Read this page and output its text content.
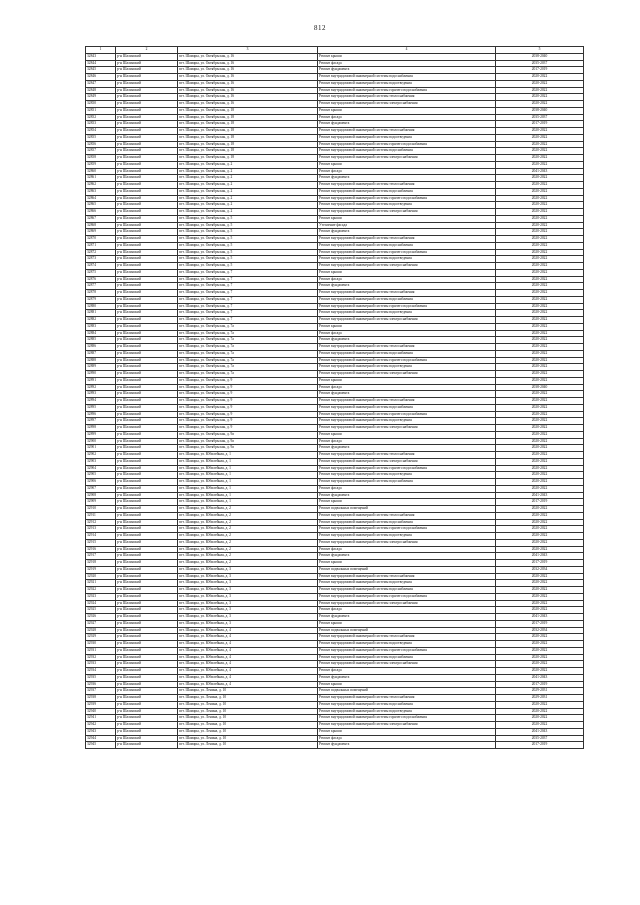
812
1	2	3	4	5
32843	р-н Шалинский	пгт. Шамары, ул. Октябрьская, д. 16	Ремонт крыши	2038-2040
32844	р-н Шалинский	пгт. Шамары, ул. Октябрьская, д. 16	Ремонт фасада	2035-2037
32845	р-н Шалинский	пгт. Шамары, ул. Октябрьская, д. 16	Ремонт фундамента	2017-2019
32846	р-н Шалинский	пгт. Шамары, ул. Октябрьская, д. 16	Ремонт внутридомовой инженерной системы водоснабжения	2020-2022
32847	р-н Шалинский	пгт. Шамары, ул. Октябрьская, д. 16	Ремонт внутридомовой инженерной системы водоотведения	2020-2022
32848	р-н Шалинский	пгт. Шамары, ул. Октябрьская, д. 16	Ремонт внутридомовой инженерной системы горячего водоснабжения	2020-2022
32849	р-н Шалинский	пгт. Шамары, ул. Октябрьская, д. 16	Ремонт внутридомовой инженерной системы теплоснабжения	2020-2022
32850	р-н Шалинский	пгт. Шамары, ул. Октябрьская, д. 16	Ремонт внутридомовой инженерной системы электроснабжения	2020-2022
32851	р-н Шалинский	пгт. Шамары, ул. Октябрьская, д. 18	Ремонт крыши	2038-2040
32852	р-н Шалинский	пгт. Шамары, ул. Октябрьская, д. 18	Ремонт фасада	2035-2037
32853	р-н Шалинский	пгт. Шамары, ул. Октябрьская, д. 18	Ремонт фундамента	2017-2019
32854	р-н Шалинский	пгт. Шамары, ул. Октябрьская, д. 18	Ремонт внутридомовой инженерной системы теплоснабжения	2020-2022
32855	р-н Шалинский	пгт. Шамары, ул. Октябрьская, д. 18	Ремонт внутридомовой инженерной системы водоотведения	2020-2022
32856	р-н Шалинский	пгт. Шамары, ул. Октябрьская, д. 18	Ремонт внутридомовой инженерной системы горячего водоснабжения	2020-2022
32857	р-н Шалинский	пгт. Шамары, ул. Октябрьская, д. 18	Ремонт внутридомовой инженерной системы водоснабжения	2020-2022
32858	р-н Шалинский	пгт. Шамары, ул. Октябрьская, д. 18	Ремонт внутридомовой инженерной системы электроснабжения	2020-2022
32859	р-н Шалинский	пгт. Шамары, ул. Октябрьская, д. 2	Ремонт крыши	2020-2022
32860	р-н Шалинский	пгт. Шамары, ул. Октябрьская, д. 2	Ремонт фасада	2041-2043
32861	р-н Шалинский	пгт. Шамары, ул. Октябрьская, д. 2	Ремонт фундамента	2020-2022
32862	р-н Шалинский	пгт. Шамары, ул. Октябрьская, д. 2	Ремонт внутридомовой инженерной системы теплоснабжения	2020-2022
32863	р-н Шалинский	пгт. Шамары, ул. Октябрьская, д. 2	Ремонт внутридомовой инженерной системы водоснабжения	2020-2022
32864	р-н Шалинский	пгт. Шамары, ул. Октябрьская, д. 2	Ремонт внутридомовой инженерной системы горячего водоснабжения	2020-2022
32865	р-н Шалинский	пгт. Шамары, ул. Октябрьская, д. 2	Ремонт внутридомовой инженерной системы водоотведения	2020-2022
32866	р-н Шалинский	пгт. Шамары, ул. Октябрьская, д. 2	Ремонт внутридомовой инженерной системы электроснабжения	2020-2022
32867	р-н Шалинский	пгт. Шамары, ул. Октябрьская, д. 5	Ремонт крыши	2020-2022
32868	р-н Шалинский	пгт. Шамары, ул. Октябрьская, д. 5	Утепление фасада	2020-2022
32869	р-н Шалинский	пгт. Шамары, ул. Октябрьская, д. 5	Ремонт фундамента	2020-2022
32870	р-н Шалинский	пгт. Шамары, ул. Октябрьская, д. 5	Ремонт внутридомовой инженерной системы теплоснабжения	2020-2022
32871	р-н Шалинский	пгт. Шамары, ул. Октябрьская, д. 5	Ремонт внутридомовой инженерной системы водоснабжения	2020-2022
32872	р-н Шалинский	пгт. Шамары, ул. Октябрьская, д. 5	Ремонт внутридомовой инженерной системы горячего водоснабжения	2020-2022
32873	р-н Шалинский	пгт. Шамары, ул. Октябрьская, д. 5	Ремонт внутридомовой инженерной системы водоотведения	2020-2022
32874	р-н Шалинский	пгт. Шамары, ул. Октябрьская, д. 5	Ремонт внутридомовой инженерной системы электроснабжения	2020-2022
32875	р-н Шалинский	пгт. Шамары, ул. Октябрьская, д. 7	Ремонт крыши	2020-2022
32876	р-н Шалинский	пгт. Шамары, ул. Октябрьская, д. 7	Ремонт фасада	2020-2022
32877	р-н Шалинский	пгт. Шамары, ул. Октябрьская, д. 7	Ремонт фундамента	2020-2022
32878	р-н Шалинский	пгт. Шамары, ул. Октябрьская, д. 7	Ремонт внутридомовой инженерной системы теплоснабжения	2020-2022
32879	р-н Шалинский	пгт. Шамары, ул. Октябрьская, д. 7	Ремонт внутридомовой инженерной системы водоснабжения	2020-2022
32880	р-н Шалинский	пгт. Шамары, ул. Октябрьская, д. 7	Ремонт внутридомовой инженерной системы горячего водоснабжения	2020-2022
32881	р-н Шалинский	пгт. Шамары, ул. Октябрьская, д. 7	Ремонт внутридомовой инженерной системы водоотведения	2020-2022
32882	р-н Шалинский	пгт. Шамары, ул. Октябрьская, д. 7	Ремонт внутридомовой инженерной системы электроснабжения	2020-2022
32883	р-н Шалинский	пгт. Шамары, ул. Октябрьская, д. 7а	Ремонт крыши	2020-2022
32884	р-н Шалинский	пгт. Шамары, ул. Октябрьская, д. 7а	Ремонт фасада	2020-2022
32885	р-н Шалинский	пгт. Шамары, ул. Октябрьская, д. 7а	Ремонт фундамента	2020-2022
32886	р-н Шалинский	пгт. Шамары, ул. Октябрьская, д. 7а	Ремонт внутридомовой инженерной системы теплоснабжения	2020-2022
32887	р-н Шалинский	пгт. Шамары, ул. Октябрьская, д. 7а	Ремонт внутридомовой инженерной системы водоснабжения	2020-2022
32888	р-н Шалинский	пгт. Шамары, ул. Октябрьская, д. 7а	Ремонт внутридомовой инженерной системы горячего водоснабжения	2020-2022
32889	р-н Шалинский	пгт. Шамары, ул. Октябрьская, д. 7а	Ремонт внутридомовой инженерной системы водоотведения	2020-2022
32890	р-н Шалинский	пгт. Шамары, ул. Октябрьская, д. 7а	Ремонт внутридомовой инженерной системы электроснабжения	2020-2022
32891	р-н Шалинский	пгт. Шамары, ул. Октябрьская, д. 9	Ремонт крыши	2020-2022
32892	р-н Шалинский	пгт. Шамары, ул. Октябрьская, д. 9	Ремонт фасада	2038-2040
32893	р-н Шалинский	пгт. Шамары, ул. Октябрьская, д. 9	Ремонт фундамента	2020-2022
32894	р-н Шалинский	пгт. Шамары, ул. Октябрьская, д. 9	Ремонт внутридомовой инженерной системы теплоснабжения	2020-2022
32895	р-н Шалинский	пгт. Шамары, ул. Октябрьская, д. 9	Ремонт внутридомовой инженерной системы водоснабжения	2020-2022
32896	р-н Шалинский	пгт. Шамары, ул. Октябрьская, д. 9	Ремонт внутридомовой инженерной системы горячего водоснабжения	2020-2022
32897	р-н Шалинский	пгт. Шамары, ул. Октябрьская, д. 9	Ремонт внутридомовой инженерной системы водоотведения	2020-2022
32898	р-н Шалинский	пгт. Шамары, ул. Октябрьская, д. 9	Ремонт внутридомовой инженерной системы электроснабжения	2020-2022
32899	р-н Шалинский	пгт. Шамары, ул. Октябрьская, д. 9а	Ремонт крыши	2020-2022
32900	р-н Шалинский	пгт. Шамары, ул. Октябрьская, д. 9а	Ремонт фасада	2020-2022
32901	р-н Шалинский	пгт. Шамары, ул. Октябрьская, д. 9а	Ремонт фундамента	2020-2022
32902	р-н Шалинский	пгт. Шамары, ул. Юбилейная, д. 1	Ремонт внутридомовой инженерной системы теплоснабжения	2020-2022
32903	р-н Шалинский	пгт. Шамары, ул. Юбилейная, д. 1	Ремонт внутридомовой инженерной системы электроснабжения	2020-2022
32904	р-н Шалинский	пгт. Шамары, ул. Юбилейная, д. 1	Ремонт внутридомовой инженерной системы горячего водоснабжения	2020-2022
32905	р-н Шалинский	пгт. Шамары, ул. Юбилейная, д. 1	Ремонт внутридомовой инженерной системы водоотведения	2020-2022
32906	р-н Шалинский	пгт. Шамары, ул. Юбилейная, д. 1	Ремонт внутридомовой инженерной системы водоснабжения	2020-2022
32907	р-н Шалинский	пгт. Шамары, ул. Юбилейная, д. 1	Ремонт фасада	2020-2022
32908	р-н Шалинский	пгт. Шамары, ул. Юбилейная, д. 1	Ремонт фундамента	2041-2043
32909	р-н Шалинский	пгт. Шамары, ул. Юбилейная, д. 1	Ремонт крыши	2017-2019
32910	р-н Шалинский	пгт. Шамары, ул. Юбилейная, д. 2	Ремонт подвальных помещений	2020-2022
32911	р-н Шалинский	пгт. Шамары, ул. Юбилейная, д. 2	Ремонт внутридомовой инженерной системы теплоснабжения	2020-2022
32912	р-н Шалинский	пгт. Шамары, ул. Юбилейная, д. 2	Ремонт внутридомовой инженерной системы водоснабжения	2020-2022
32913	р-н Шалинский	пгт. Шамары, ул. Юбилейная, д. 2	Ремонт внутридомовой инженерной системы горячего водоснабжения	2020-2022
32914	р-н Шалинский	пгт. Шамары, ул. Юбилейная, д. 2	Ремонт внутридомовой инженерной системы водоотведения	2020-2022
32915	р-н Шалинский	пгт. Шамары, ул. Юбилейная, д. 2	Ремонт внутридомовой инженерной системы электроснабжения	2020-2022
32916	р-н Шалинский	пгт. Шамары, ул. Юбилейная, д. 2	Ремонт фасада	2020-2022
32917	р-н Шалинский	пгт. Шамары, ул. Юбилейная, д. 2	Ремонт фундамента	2041-2043
32918	р-н Шалинский	пгт. Шамары, ул. Юбилейная, д. 2	Ремонт крыши	2017-2019
32919	р-н Шалинский	пгт. Шамары, ул. Юбилейная, д. 3	Ремонт подвальных помещений	2032-2034
32920	р-н Шалинский	пгт. Шамары, ул. Юбилейная, д. 3	Ремонт внутридомовой инженерной системы теплоснабжения	2020-2022
32921	р-н Шалинский	пгт. Шамары, ул. Юбилейная, д. 3	Ремонт внутридомовой инженерной системы водоотведения	2020-2022
32922	р-н Шалинский	пгт. Шамары, ул. Юбилейная, д. 3	Ремонт внутридомовой инженерной системы водоснабжения	2020-2022
32923	р-н Шалинский	пгт. Шамары, ул. Юбилейная, д. 3	Ремонт внутридомовой инженерной системы горячего водоснабжения	2020-2022
32924	р-н Шалинский	пгт. Шамары, ул. Юбилейная, д. 3	Ремонт внутридомовой инженерной системы электроснабжения	2020-2022
32925	р-н Шалинский	пгт. Шамары, ул. Юбилейная, д. 3	Ремонт фасада	2020-2022
32926	р-н Шалинский	пгт. Шамары, ул. Юбилейная, д. 3	Ремонт фундамента	2041-2043
32927	р-н Шалинский	пгт. Шамары, ул. Юбилейная, д. 3	Ремонт крыши	2017-2019
32928	р-н Шалинский	пгт. Шамары, ул. Юбилейная, д. 4	Ремонт подвальных помещений	2032-2034
32929	р-н Шалинский	пгт. Шамары, ул. Юбилейная, д. 4	Ремонт внутридомовой инженерной системы теплоснабжения	2020-2022
32930	р-н Шалинский	пгт. Шамары, ул. Юбилейная, д. 4	Ремонт внутридомовой инженерной системы водоотведения	2020-2022
32931	р-н Шалинский	пгт. Шамары, ул. Юбилейная, д. 4	Ремонт внутридомовой инженерной системы горячего водоснабжения	2020-2022
32932	р-н Шалинский	пгт. Шамары, ул. Юбилейная, д. 4	Ремонт внутридомовой инженерной системы водоснабжения	2020-2022
32933	р-н Шалинский	пгт. Шамары, ул. Юбилейная, д. 4	Ремонт внутридомовой инженерной системы электроснабжения	2020-2022
32934	р-н Шалинский	пгт. Шамары, ул. Юбилейная, д. 4	Ремонт фасада	2020-2022
32935	р-н Шалинский	пгт. Шамары, ул. Юбилейная, д. 4	Ремонт фундамента	2041-2043
32936	р-н Шалинский	пгт. Шамары, ул. Юбилейная, д. 4	Ремонт крыши	2017-2019
32937	р-н Шалинский	пгт. Шамары, ул. Ленина, д. 10	Ремонт подвальных помещений	2029-2031
32938	р-н Шалинский	пгт. Шамары, ул. Ленина, д. 10	Ремонт внутридомовой инженерной системы теплоснабжения	2029-2031
32939	р-н Шалинский	пгт. Шамары, ул. Ленина, д. 10	Ремонт внутридомовой инженерной системы водоснабжения	2020-2022
32940	р-н Шалинский	пгт. Шамары, ул. Ленина, д. 10	Ремонт внутридомовой инженерной системы водоотведения	2020-2022
32941	р-н Шалинский	пгт. Шамары, ул. Ленина, д. 10	Ремонт внутридомовой инженерной системы горячего водоснабжения	2020-2022
32942	р-н Шалинский	пгт. Шамары, ул. Ленина, д. 10	Ремонт внутридомовой инженерной системы электроснабжения	2020-2022
32943	р-н Шалинский	пгт. Шамары, ул. Ленина, д. 10	Ремонт крыши	2041-2043
32944	р-н Шалинский	пгт. Шамары, ул. Ленина, д. 10	Ремонт фасада	2035-2037
32945	р-н Шалинский	пгт. Шамары, ул. Ленина, д. 10	Ремонт фундамента	2017-2019
